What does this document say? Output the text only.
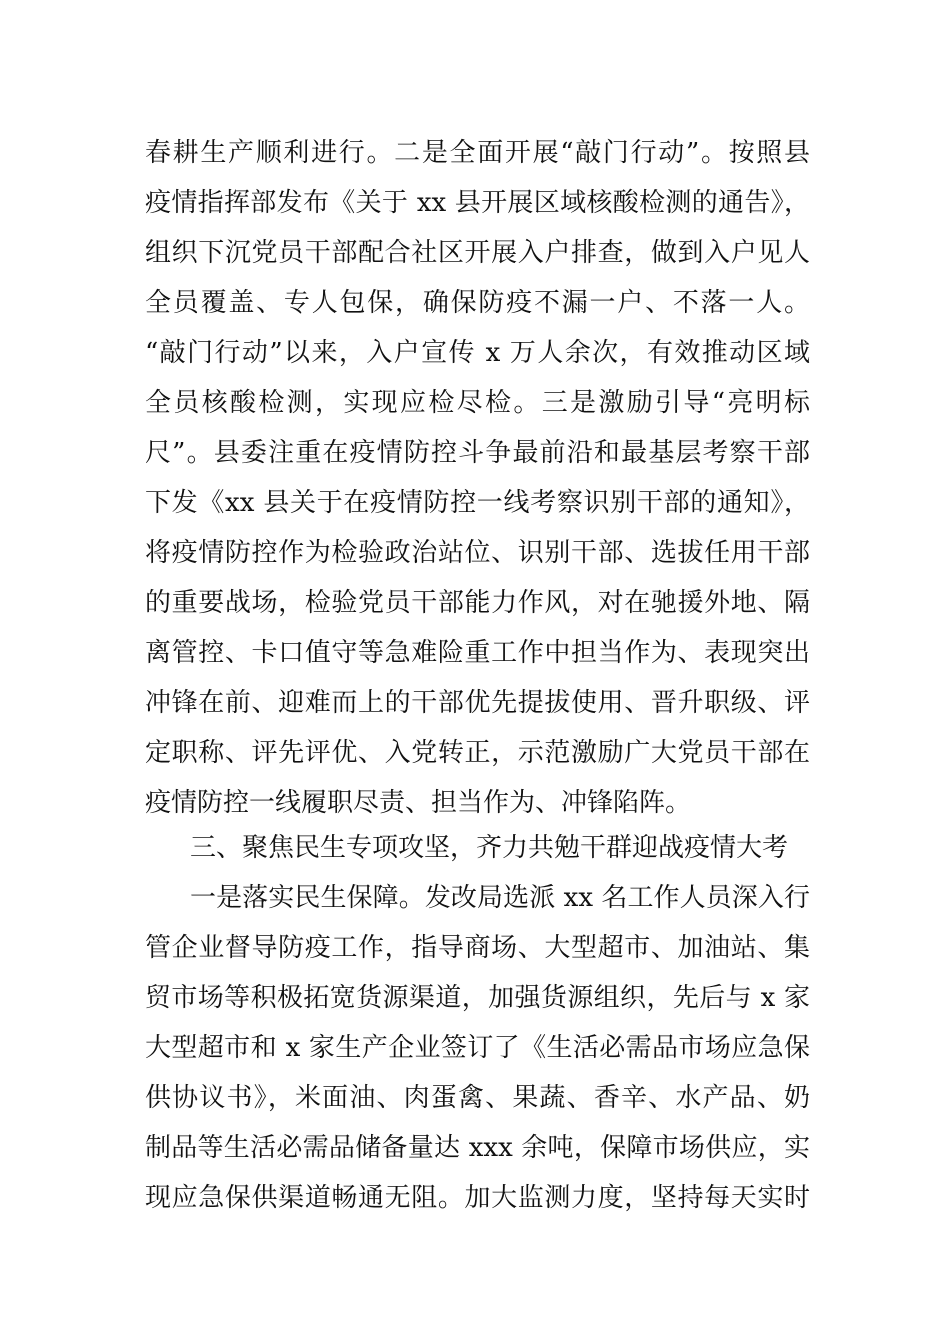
春耕生产顺利进行。二是全面开展“敲门行动”。按照县
疫情指挥部发布《关于 xx 县开展区域核酸检测的通告》，
组织下沉党员干部配合社区开展入户排查，做到入户见人
全员覆盖、专人包保，确保防疫不漏一户、不落一人。
“敲门行动”以来，入户宣传 x 万人余次，有效推动区域
全员核酸检测，实现应检尽检。三是激励引导“亮明标
尺”。县委注重在疫情防控斗争最前沿和最基层考察干部
下发《xx 县关于在疫情防控一线考察识别干部的通知》，
将疫情防控作为检验政治站位、识别干部、选拔任用干部
的重要战场，检验党员干部能力作风，对在驰援外地、隔
离管控、卡口值守等急难险重工作中担当作为、表现突出
冲锋在前、迎难而上的干部优先提拔使用、晋升职级、评
定职称、评先评优、入党转正，示范激励广大党员干部在
疫情防控一线履职尽责、担当作为、冲锋陷阵。
三、聚焦民生专项攻坚，齐力共勉干群迎战疫情大考
一是落实民生保障。发改局选派 xx 名工作人员深入行
管企业督导防疫工作，指导商场、大型超市、加油站、集
贸市场等积极拓宽货源渠道，加强货源组织，先后与 x 家
大型超市和 x 家生产企业签订了《生活必需品市场应急保
供协议书》，米面油、肉蛋禽、果蔬、香辛、水产品、奶
制品等生活必需品储备量达 xxx 余吨，保障市场供应，实
现应急保供渠道畅通无阻。加大监测力度，坚持每天实时
